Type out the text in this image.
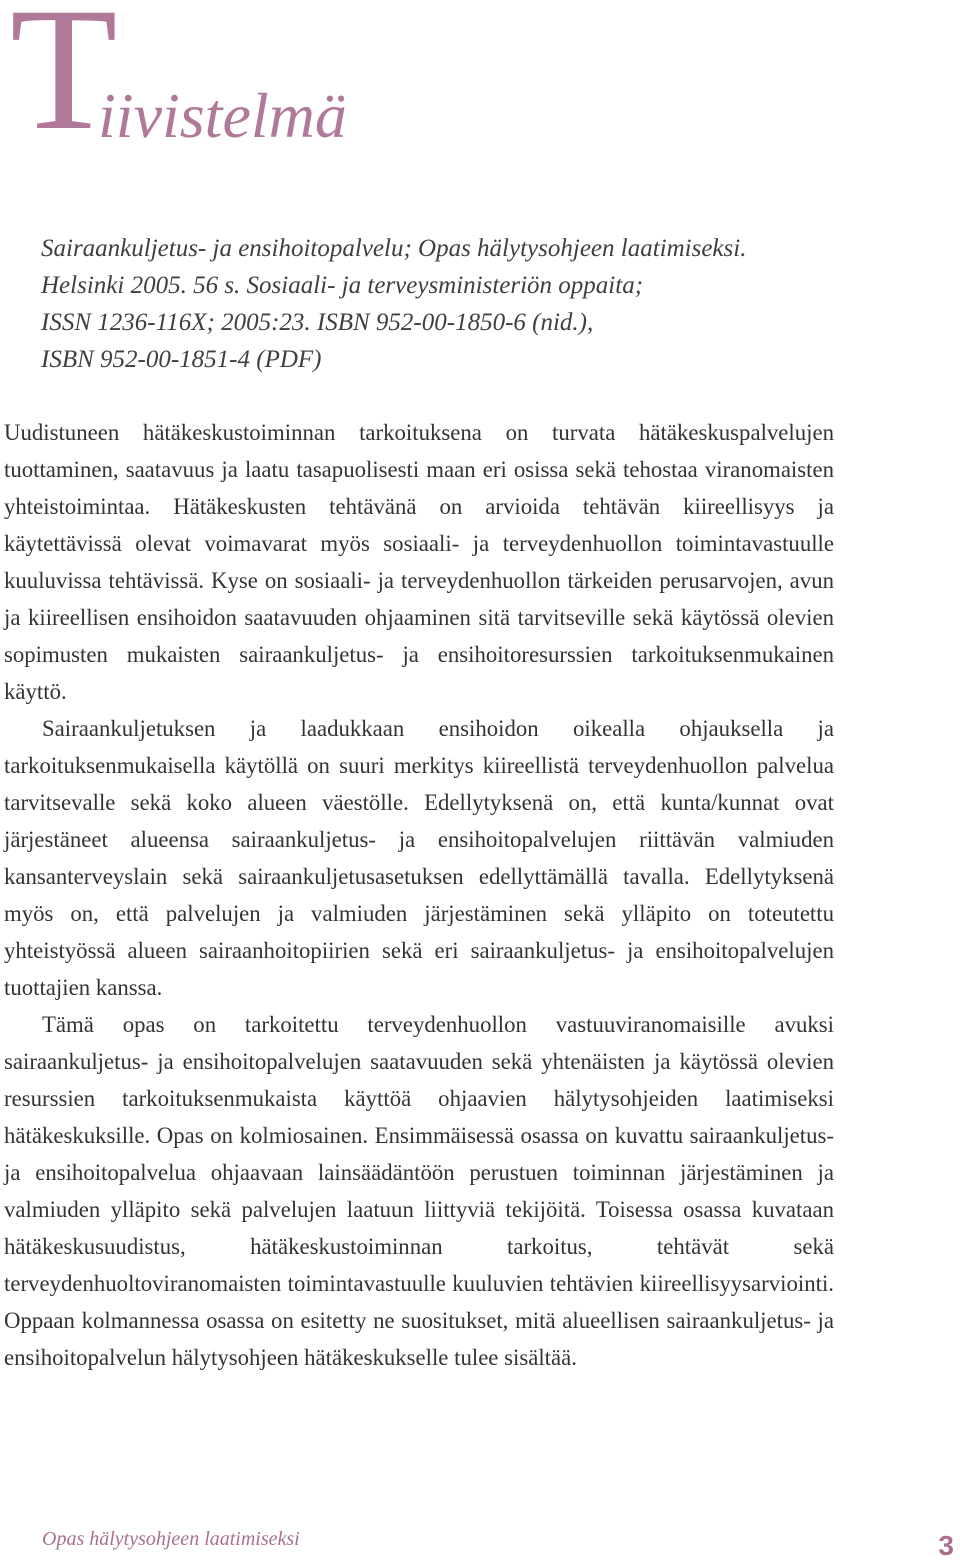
T
iivistelmä
Sairaankuljetus- ja ensihoitopalvelu; Opas hälytysohjeen laatimiseksi.
Helsinki 2005. 56 s. Sosiaali- ja terveysministeriön oppaita;
ISSN 1236-116X; 2005:23. ISBN 952-00-1850-6 (nid.),
ISBN 952-00-1851-4 (PDF)

Uudistuneen hätäkeskustoiminnan tarkoituksena on turvata hätäkeskuspalvelujen tuottaminen, saatavuus ja laatu tasapuolisesti maan eri osissa sekä tehostaa viranomaisten yhteistoimintaa. Hätäkeskusten tehtävänä on arvioida tehtävän kiireellisyys ja käytettävissä olevat voimavarat myös sosiaali- ja terveydenhuollon toimintavastuulle kuuluvissa tehtävissä. Kyse on sosiaali- ja terveydenhuollon tärkeiden perusarvojen, avun ja kiireellisen ensihoidon saatavuuden ohjaaminen sitä tarvitseville sekä käytössä olevien sopimusten mukaisten sairaankuljetus- ja ensihoitoresurssien tarkoituksenmukainen käyttö.

Sairaankuljetuksen ja laadukkaan ensihoidon oikealla ohjauksella ja tarkoituksenmukaisella käytöllä on suuri merkitys kiireellistä terveydenhuollon palvelua tarvitsevalle sekä koko alueen väestölle. Edellytyksenä on, että kunta/kunnat ovat järjestäneet alueensa sairaankuljetus- ja ensihoitopalvelujen riittävän valmiuden kansanterveyslain sekä sairaankuljetusasetuksen edellyttämällä tavalla. Edellytyksenä myös on, että palvelujen ja valmiuden järjestäminen sekä ylläpito on toteutettu yhteistyössä alueen sairaanhoitopiirien sekä eri sairaankuljetus- ja ensihoitopalvelujen tuottajien kanssa.

Tämä opas on tarkoitettu terveydenhuollon vastuuviranomaisille avuksi sairaankuljetus- ja ensihoitopalvelujen saatavuuden sekä yhtenäisten ja käytössä olevien resurssien tarkoituksenmukaista käyttöä ohjaavien hälytysohjeiden laatimiseksi hätäkeskuksille. Opas on kolmiosainen. Ensimmäisessä osassa on kuvattu sairaankuljetus- ja ensihoitopalvelua ohjaavaan lainsäädäntöön perustuen toiminnan järjestäminen ja valmiuden ylläpito sekä palvelujen laatuun liittyviä tekijöitä. Toisessa osassa kuvataan hätäkeskusuudistus, hätäkeskustoiminnan tarkoitus, tehtävät sekä terveydenhuoltoviranomaisten toimintavastuulle kuuluvien tehtävien kiireellisyysarviointi. Oppaan kolmannessa osassa on esitetty ne suositukset, mitä alueellisen sairaankuljetus- ja ensihoitopalvelun hälytysohjeen hätäkeskukselle tulee sisältää.

Opas hälytysohjeen laatimiseksi	3
